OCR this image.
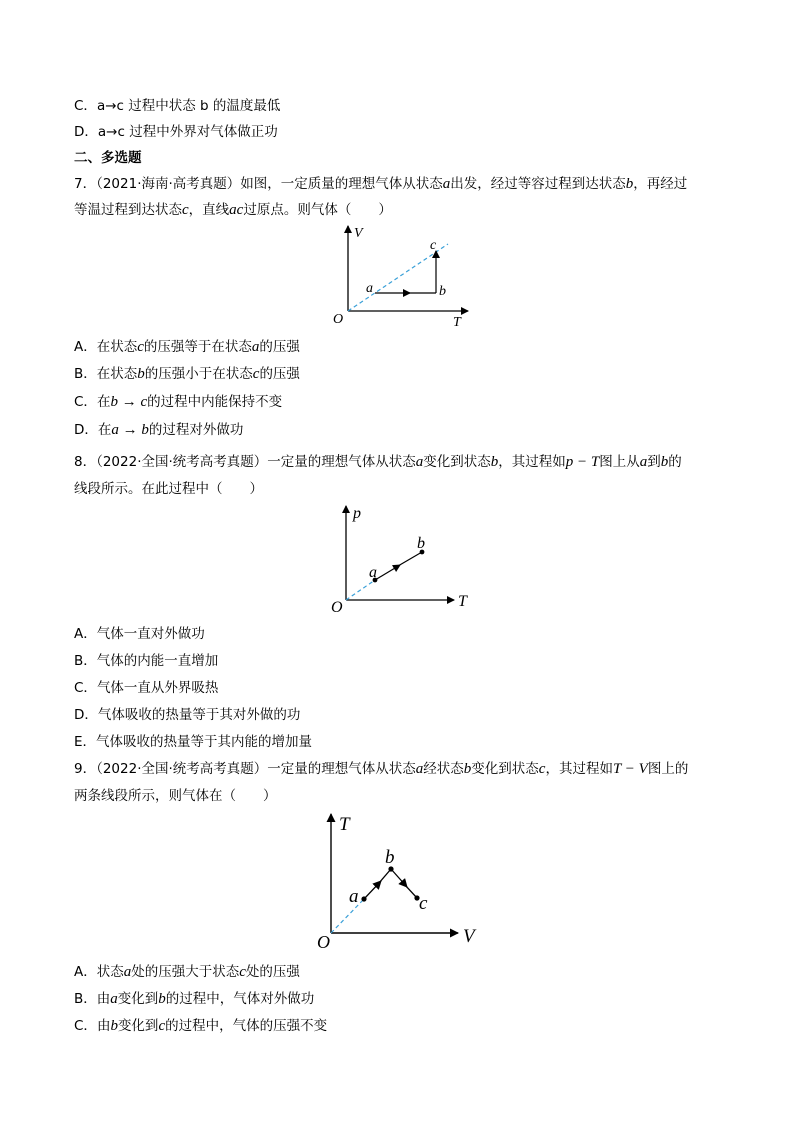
C．a→c 过程中状态 b 的温度最低
D．a→c 过程中外界对气体做正功
二、多选题
7．（2021·海南·高考真题）如图，一定质量的理想气体从状态a出发，经过等容过程到达状态b，再经过
等温过程到达状态c，直线ac过原点。则气体（　　）
V
T
O
a	b
c
A．在状态c的压强等于在状态a的压强
B．在状态b的压强小于在状态c的压强
C．在b → c的过程中内能保持不变
D．在a → b的过程对外做功
8．（2022·全国·统考高考真题）一定量的理想气体从状态a变化到状态b，其过程如p − T图上从a到b的
线段所示。在此过程中（　　）
p
T
O
a
b
A．气体一直对外做功
B．气体的内能一直增加
C．气体一直从外界吸热
D．气体吸收的热量等于其对外做的功
E．气体吸收的热量等于其内能的增加量
9．（2022·全国·统考高考真题）一定量的理想气体从状态a经状态b变化到状态c，其过程如T − V图上的
两条线段所示，则气体在（　　）
T
V
O
a
b
c
A．状态a处的压强大于状态c处的压强
B．由a变化到b的过程中，气体对外做功
C．由b变化到c的过程中，气体的压强不变
